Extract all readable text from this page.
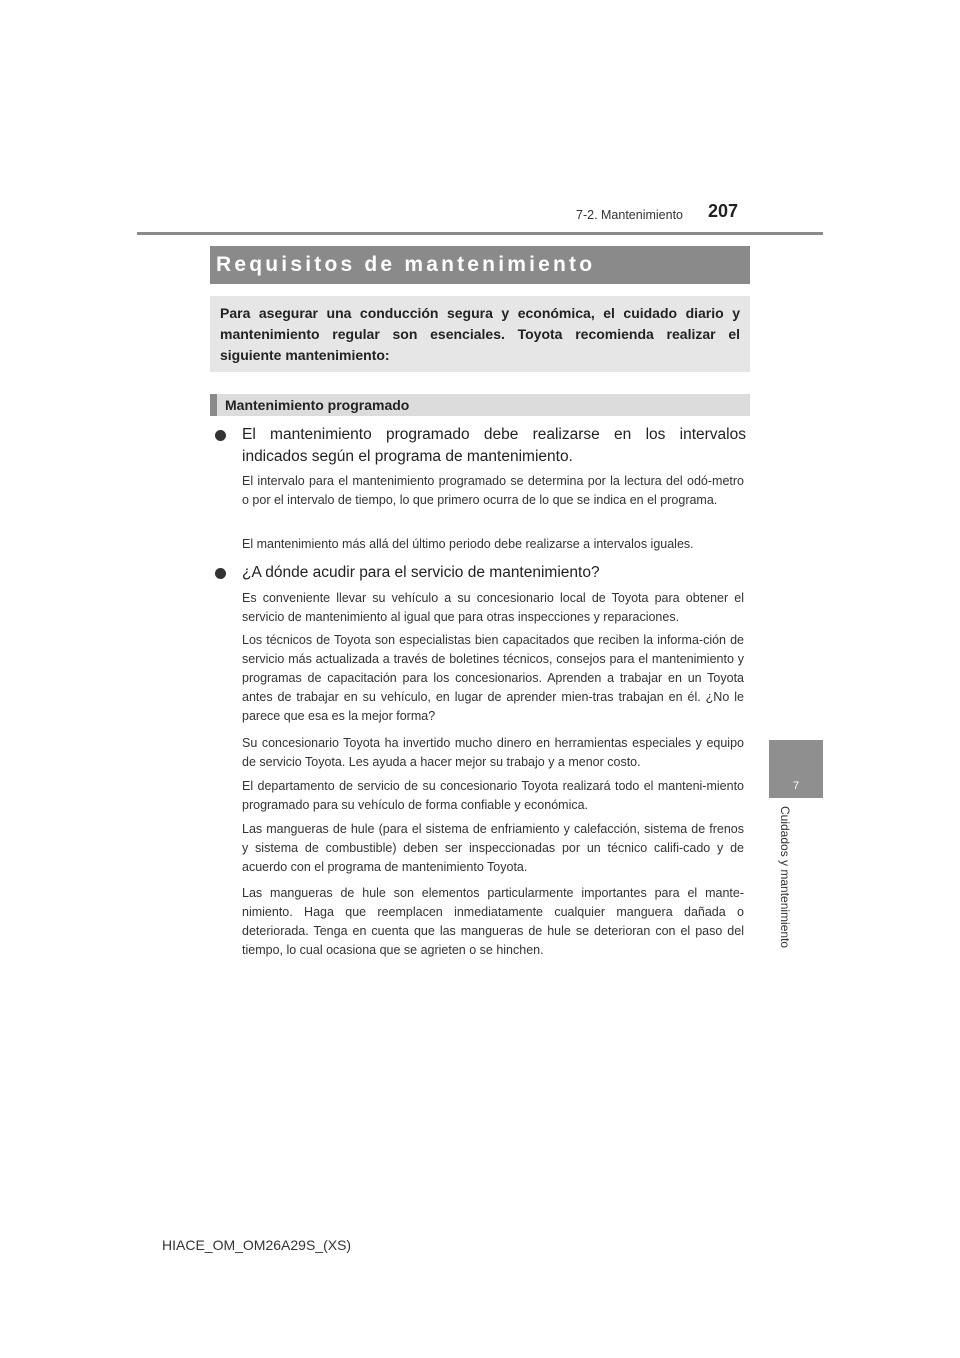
7-2. Mantenimiento 207
7
Cuidados y mantenimiento
Requisitos de mantenimiento
Para asegurar una conducción segura y económica, el cuidado diario y mantenimiento regular son esenciales. Toyota recomienda realizar el siguiente mantenimiento:
Mantenimiento programado
El mantenimiento programado debe realizarse en los intervalos indicados según el programa de mantenimiento.
El intervalo para el mantenimiento programado se determina por la lectura del odó-metro o por el intervalo de tiempo, lo que primero ocurra de lo que se indica en el programa.
El mantenimiento más allá del último periodo debe realizarse a intervalos iguales.
¿A dónde acudir para el servicio de mantenimiento?
Es conveniente llevar su vehículo a su concesionario local de Toyota para obtener el servicio de mantenimiento al igual que para otras inspecciones y reparaciones.
Los técnicos de Toyota son especialistas bien capacitados que reciben la informa-ción de servicio más actualizada a través de boletines técnicos, consejos para el mantenimiento y programas de capacitación para los concesionarios. Aprenden a trabajar en un Toyota antes de trabajar en su vehículo, en lugar de aprender mien-tras trabajan en él. ¿No le parece que esa es la mejor forma?
Su concesionario Toyota ha invertido mucho dinero en herramientas especiales y equipo de servicio Toyota. Les ayuda a hacer mejor su trabajo y a menor costo.
El departamento de servicio de su concesionario Toyota realizará todo el manteni-miento programado para su vehículo de forma confiable y económica.
Las mangueras de hule (para el sistema de enfriamiento y calefacción, sistema de frenos y sistema de combustible) deben ser inspeccionadas por un técnico califi-cado y de acuerdo con el programa de mantenimiento Toyota.
Las mangueras de hule son elementos particularmente importantes para el mante-nimiento. Haga que reemplacen inmediatamente cualquier manguera dañada o deteriorada. Tenga en cuenta que las mangueras de hule se deterioran con el paso del tiempo, lo cual ocasiona que se agrieten o se hinchen.
HIACE_OM_OM26A29S_(XS)
